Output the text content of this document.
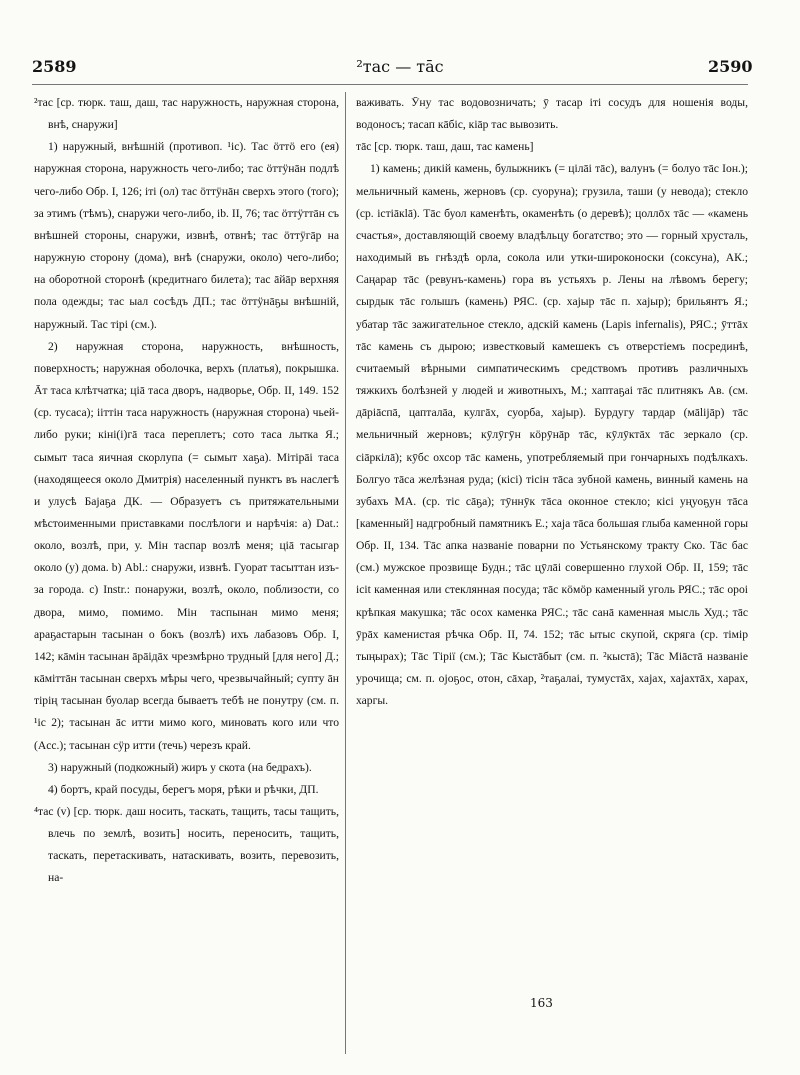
2589	²тас — тāс	2590

²тас [ср. тюрк. таш, даш, тас наружность, наружная сторона, внѣ, снаружи]

1) наружный, внѣшній (противоп. ¹іс). Тас öттö его (ея) наружная сторона, наружность чего-либо; тас öттÿнāн подлѣ чего-либо Обр. I, 126; іті (ол) тас öттÿнāн сверхъ этого (того); за этимъ (тѣмъ), снаружи чего-либо, ib. II, 76; тас öттÿттāн съ внѣшней стороны, снаружи, извнѣ, отвнѣ; тас öттÿгāр на наружную сторону (дома), внѣ (снаружи, около) чего-либо; на оборотной сторонѣ (кредитнаго билета); тас āйāр верхняя пола одежды; тас ыал сосѣдъ ДП.; тас öттÿнāҕы внѣшній, наружный. Тас тірі (см.).

2) наружная сторона, наружность, внѣшность, поверхность; наружная оболочка, верхъ (платья), покрышка. Āт таса клѣтчатка; ціā таса дворъ, надворье, Обр. II, 149. 152 (ср. тусаса); ііттін таса наружность (наружная сторона) чьей-либо руки; кіні(і)гā таса переплетъ; сото таса лытка Я.; сымыт таса яичная скорлупа (= сымыт хаҕа). Мітірāі таса (находящееся около Дмитрія) населенный пунктъ въ наслегѣ и улусѣ Баjаҕа ДК. — Образуетъ съ притяжательными мѣстоименными приставками послѣлоги и нарѣчія: a) Dat.: около, возлѣ, при, у. Мін таспар возлѣ меня; ціā тасыгар около (у) дома. b) Abl.: снаружи, извнѣ. Гуорат тасыттан изъ-за города. c) Instr.: понаружи, возлѣ, около, поблизости, со двора, мимо, помимо. Мін таспынан мимо меня; араҕастарын тасынан о бокъ (возлѣ) ихъ лабазовъ Обр. I, 142; кāмін тасынан āрāідāх чрезмѣрно трудный [для него] Д.; кāміттāн тасынан сверхъ мѣры чего, чрезвычайный; супту āн тірің тасынан буолар всегда бываетъ тебѣ не понутру (см. п. ¹іс 2); тасынан āс итти мимо кого, миновать кого или что (Acc.); тасынан сÿр итти (течь) черезъ край.

3) наружный (подкожный) жиръ у скота (на бедрахъ).

4) бортъ, край посуды, берегъ моря, рѣки и рѣчки, ДП.

⁴тас (v) [ср. тюрк. даш носить, таскать, тащить, тасы тащить, влечь по землѣ, возить] носить, переносить, тащить, таскать, перетаскивать, натаскивать, возить, перевозить, на-

важивать. Ӯну тас водовозничать; ӯ тасар іті сосудъ для ношенія воды, водоносъ; тасап кāбіс, кіāр тас вывозить.

тāс [ср. тюрк. таш, даш, тас камень]

1) камень; дикій камень, булыжникъ (= цілāі тāс), валунъ (= болуо тāс Іон.); мельничный камень, жерновъ (ср. суоруна); грузила, таши (у невода); стекло (ср. істіāкlā). Тāс буол каменѣть, окаменѣть (о деревѣ); цоллōх тāс — «камень счастья», доставляющій своему владѣльцу богатство; это — горный хрусталь, находимый въ гнѣздѣ орла, сокола или утки-широконоски (соксуна), АК.; Саңарар тāс (ревунъ-камень) гора въ устьяхъ р. Лены на лѣвомъ берегу; сырдык тāс голышъ (камень) РЯС. (ср. хаjыр тāс п. хаjыр); брильянтъ Я.; убатар тāс зажигательное стекло, адскій камень (Lapis infernalis), РЯС.; ӯттāх тāс камень съ дырою; известковый камешекъ съ отверстіемъ посрединѣ, считаемый вѣрными симпатическимъ средствомъ противъ различныхъ тяжкихъ болѣзней у людей и животныхъ, М.; хаптаҕаі тāс плитнякъ Ав. (см. дāріāспā, цапталāа, кулгāх, суорба, хаjыр). Бурдугу тардар (мālijāр) тāс мельничный жерновъ; кӯлӯгӯн кӧрӯнāр тāс, кӯлӯктāх тāс зеркало (ср. сіāркілā); кӯбс охсор тāс камень, употребляемый при гончарныхъ подѣлкахъ. Болгуо тāса желѣзная руда; (кісі) тісін тāса зубной камень, винный камень на зубахъ МА. (ср. тіс сāҕа); тӯннӯк тāса оконное стекло; кісі уңуоҕун тāса [каменный] надгробный памятникъ Е.; хаjа тāса большая глыба каменной горы Обр. II, 134. Тāс апка названіе поварни по Устьянскому тракту Ско. Тāс бас (см.) мужское прозвище Будн.; тāс цӯлāі совершенно глухой Обр. II, 159; тāс іcit каменная или стеклянная посуда; тāс кӧмӧр каменный уголь РЯС.; тāс ороі крѣпкая макушка; тāс осох каменка РЯС.; тāс санā каменная мысль Худ.; тāс ӯрāх каменистая рѣчка Обр. II, 74. 152; тāс ытыс скупой, скряга (ср. тімір тыңырах); Тāс Тірії (см.); Тāс Кыстāбыт (см. п. ²кыстā); Тāс Міāстā названіе урочища; см. п. оjоҕос, отон, сāхар, ²таҕалаі, тумустāх, хаjах, хаjахтāх, харах, харгы.

163
